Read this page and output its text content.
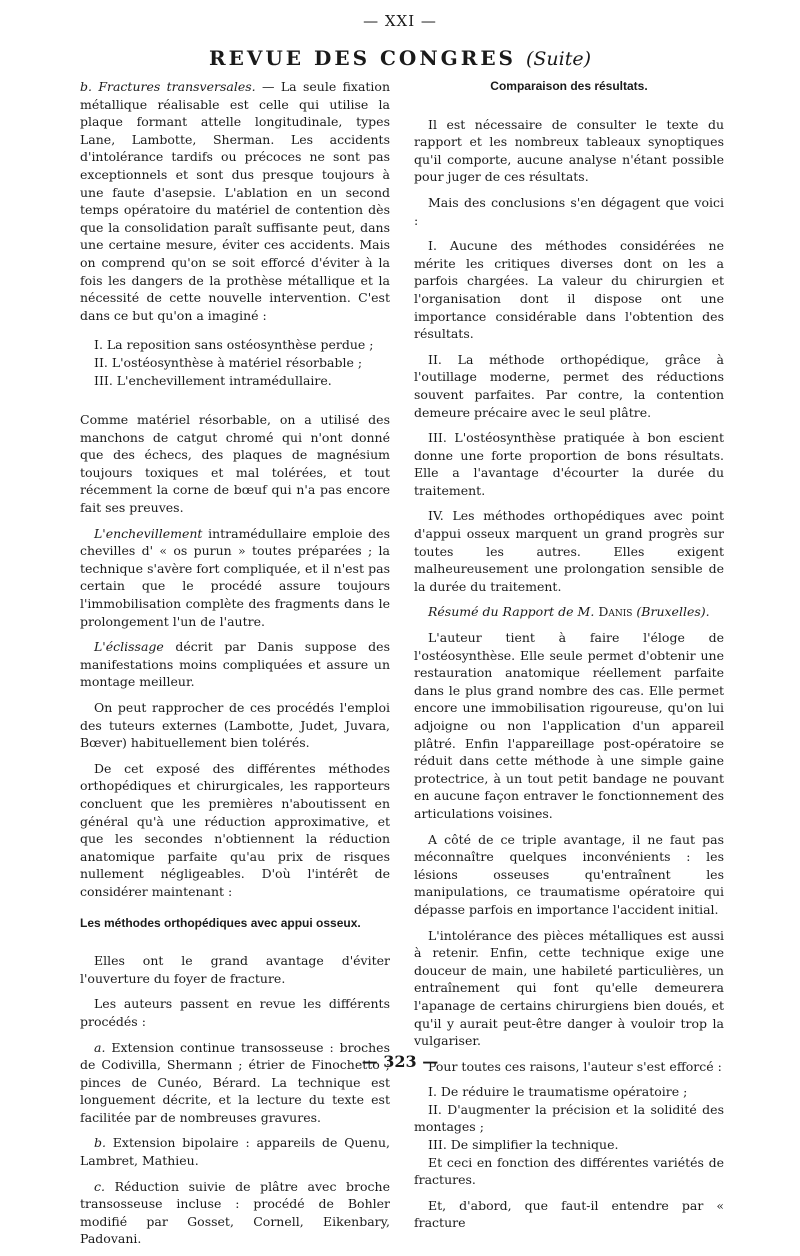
— XXI —
REVUE DES CONGRES (Suite)

b. Fractures transversales. — La seule fixation métallique réalisable est celle qui utilise la plaque formant attelle longitudinale, types Lane, Lambotte, Sherman. Les accidents d'intolérance tardifs ou précoces ne sont pas exceptionnels et sont dus presque toujours à une faute d'asepsie. L'ablation en un second temps opératoire du matériel de contention dès que la consolidation paraît suffisante peut, dans une certaine mesure, éviter ces accidents. Mais on comprend qu'on se soit efforcé d'éviter à la fois les dangers de la prothèse métallique et la nécessité de cette nouvelle intervention. C'est dans ce but qu'on a imaginé :

I. La reposition sans ostéosynthèse perdue ;

II. L'ostéosynthèse à matériel résorbable ;

III. L'enchevillement intramédullaire.

Comme matériel résorbable, on a utilisé des manchons de catgut chromé qui n'ont donné que des échecs, des plaques de magnésium toujours toxiques et mal tolérées, et tout récemment la corne de bœuf qui n'a pas encore fait ses preuves.

L'enchevillement intramédullaire emploie des chevilles d' « os purun » toutes préparées ; la technique s'avère fort compliquée, et il n'est pas certain que le procédé assure toujours l'immobilisation complète des fragments dans le prolongement l'un de l'autre.

L'éclissage décrit par Danis suppose des manifestations moins compliquées et assure un montage meilleur.

On peut rapprocher de ces procédés l'emploi des tuteurs externes (Lambotte, Judet, Juvara, Bœver) habituellement bien tolérés.

De cet exposé des différentes méthodes orthopédiques et chirurgicales, les rapporteurs concluent que les premières n'aboutissent en général qu'à une réduction approximative, et que les secondes n'obtiennent la réduction anatomique parfaite qu'au prix de risques nullement négligeables. D'où l'intérêt de considérer maintenant :

Les méthodes orthopédiques avec appui osseux.

Elles ont le grand avantage d'éviter l'ouverture du foyer de fracture.

Les auteurs passent en revue les différents procédés :

a. Extension continue transosseuse : broches de Codivilla, Shermann ; étrier de Finochetto ; pinces de Cunéo, Bérard. La technique est longuement décrite, et la lecture du texte est facilitée par de nombreuses gravures.

b. Extension bipolaire : appareils de Quenu, Lambret, Mathieu.

c. Réduction suivie de plâtre avec broche transosseuse incluse : procédé de Bohler modifié par Gosset, Cornell, Eikenbary, Padovani.

Comparaison des résultats.

Il est nécessaire de consulter le texte du rapport et les nombreux tableaux synoptiques qu'il comporte, aucune analyse n'étant possible pour juger de ces résultats.

Mais des conclusions s'en dégagent que voici :

I. Aucune des méthodes considérées ne mérite les critiques diverses dont on les a parfois chargées. La valeur du chirurgien et l'organisation dont il dispose ont une importance considérable dans l'obtention des résultats.

II. La méthode orthopédique, grâce à l'outillage moderne, permet des réductions souvent parfaites. Par contre, la contention demeure précaire avec le seul plâtre.

III. L'ostéosynthèse pratiquée à bon escient donne une forte proportion de bons résultats. Elle a l'avantage d'écourter la durée du traitement.

IV. Les méthodes orthopédiques avec point d'appui osseux marquent un grand progrès sur toutes les autres. Elles exigent malheureusement une prolongation sensible de la durée du traitement.

Résumé du Rapport de M. Danis (Bruxelles).

L'auteur tient à faire l'éloge de l'ostéosynthèse. Elle seule permet d'obtenir une restauration anatomique réellement parfaite dans le plus grand nombre des cas. Elle permet encore une immobilisation rigoureuse, qu'on lui adjoigne ou non l'application d'un appareil plâtré. Enfin l'appareillage post-opératoire se réduit dans cette méthode à une simple gaine protectrice, à un tout petit bandage ne pouvant en aucune façon entraver le fonctionnement des articulations voisines.

A côté de ce triple avantage, il ne faut pas méconnaître quelques inconvénients : les lésions osseuses qu'entraînent les manipulations, ce traumatisme opératoire qui dépasse parfois en importance l'accident initial.

L'intolérance des pièces métalliques est aussi à retenir. Enfin, cette technique exige une douceur de main, une habileté particulières, un entraînement qui font qu'elle demeurera l'apanage de certains chirurgiens bien doués, et qu'il y aurait peut-être danger à vouloir trop la vulgariser.

Pour toutes ces raisons, l'auteur s'est efforcé :

I. De réduire le traumatisme opératoire ;

II. D'augmenter la précision et la solidité des montages ;

III. De simplifier la technique.

Et ceci en fonction des différentes variétés de fractures.

Et, d'abord, que faut-il entendre par « fracture

— 323 —
